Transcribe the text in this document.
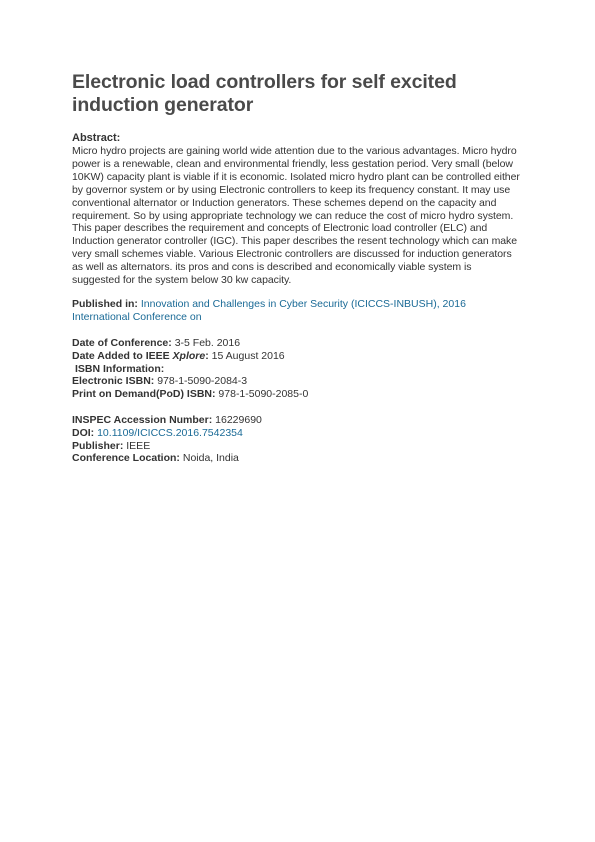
Electronic load controllers for self excited induction generator
Abstract:

Micro hydro projects are gaining world wide attention due to the various advantages. Micro hydro power is a renewable, clean and environmental friendly, less gestation period. Very small (below 10KW) capacity plant is viable if it is economic. Isolated micro hydro plant can be controlled either by governor system or by using Electronic controllers to keep its frequency constant. It may use conventional alternator or Induction generators. These schemes depend on the capacity and requirement. So by using appropriate technology we can reduce the cost of micro hydro system. This paper describes the requirement and concepts of Electronic load controller (ELC) and Induction generator controller (IGC). This paper describes the resent technology which can make very small schemes viable. Various Electronic controllers are discussed for induction generators as well as alternators. its pros and cons is described and economically viable system is suggested for the system below 30 kw capacity.

Published in: Innovation and Challenges in Cyber Security (ICICCS-INBUSH), 2016 International Conference on
Date of Conference: 3-5 Feb. 2016
Date Added to IEEE Xplore: 15 August 2016
ISBN Information:
Electronic ISBN: 978-1-5090-2084-3
Print on Demand(PoD) ISBN: 978-1-5090-2085-0
INSPEC Accession Number: 16229690
DOI: 10.1109/ICICCS.2016.7542354
Publisher: IEEE
Conference Location: Noida, India
